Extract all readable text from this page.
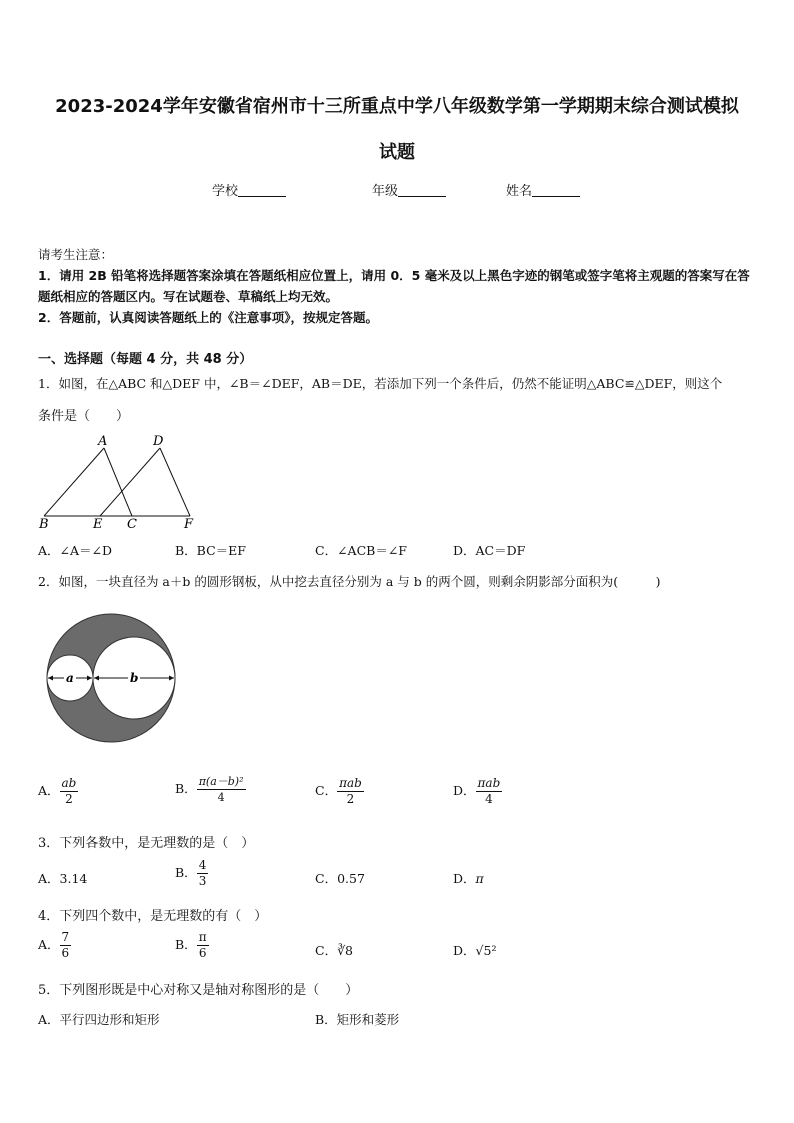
2023-2024学年安徽省宿州市十三所重点中学八年级数学第一学期期末综合测试模拟
试题
学校	年级	姓名
请考生注意：
1．请用 2B 铅笔将选择题答案涂填在答题纸相应位置上，请用 0．5 毫米及以上黑色字迹的钢笔或签字笔将主观题的答案写在答题纸相应的答题区内。写在试题卷、草稿纸上均无效。
2．答题前，认真阅读答题纸上的《注意事项》，按规定答题。
一、选择题（每题 4 分，共 48 分）
1．如图，在△ABC 和△DEF 中，∠B＝∠DEF，AB＝DE，若添加下列一个条件后，仍然不能证明△ABC≌△DEF，则这个
条件是（　　）
A	D
B	E C	F
A．∠A＝∠D	B．BC＝EF	C．∠ACB＝∠F	D．AC＝DF
2．如图，一块直径为 a＋b 的圆形钢板，从中挖去直径分别为 a 与 b 的两个圆，则剩余阴影部分面积为(　　　)
a	b
A． $\frac{ab}{2}$	B． $\frac{\text{π(a－b)²}}{4}$	C． $\frac{\text{πab}}{2}$	D． $\frac{\text{πab}}{4}$
3．下列各数中，是无理数的是（　）
A．3.14	B． $\frac{4}{3}$	C．0.57	D．π
4．下列四个数中，是无理数的有（　）
A． $\frac{7}{6}$	B． $\frac{\pi}{6}$	C．∛8	D．√5²
5．下列图形既是中心对称又是轴对称图形的是（　　）
A．平行四边形和矩形	B．矩形和菱形
